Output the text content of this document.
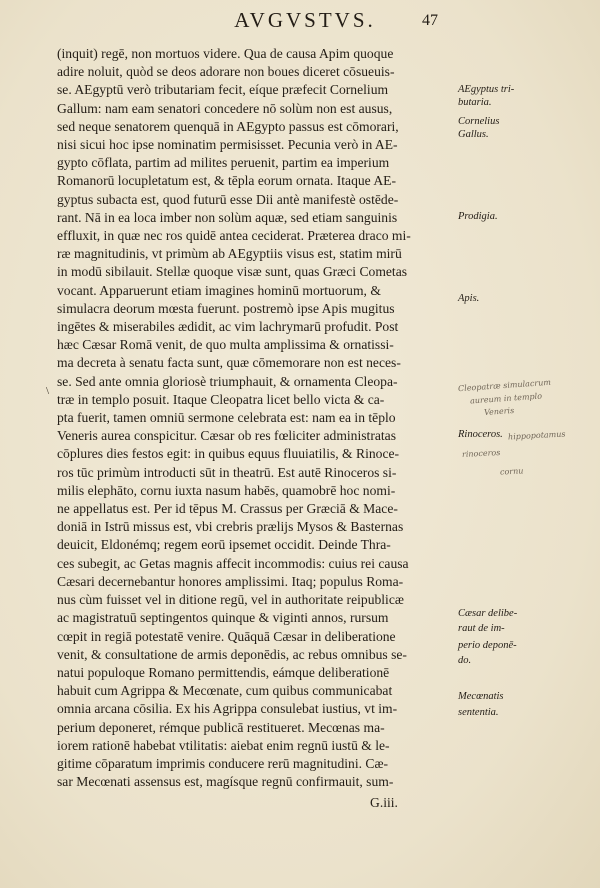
AVGVSTVS.	47
(inquit) regē, non mortuos videre. Qua de causa Apim quoque
adire noluit, quòd se deos adorare non boues diceret cōsueuis-
se. AEgyptū verò tributariam fecit, eíque præfecit Cornelium
Gallum: nam eam senatori concedere nō solùm non est ausus,
sed neque senatorem quenquā in AEgypto passus est cōmorari,
nisi sicui hoc ipse nominatim permisisset. Pecunia verò in AE-
gypto cōflata, partim ad milites peruenit, partim ea imperium
Romanorū locupletatum est, & tēpla eorum ornata. Itaque AE-
gyptus subacta est, quod futurū esse Dii antè manifestè ostēde-
rant. Nā in ea loca imber non solùm aquæ, sed etiam sanguinis
effluxit, in quæ nec ros quidē antea ceciderat. Præterea draco mi-
ræ magnitudinis, vt primùm ab AEgyptiis visus est, statim mirū
in modū sibilauit. Stellæ quoque visæ sunt, quas Græci Cometas
vocant. Apparuerunt etiam imagines hominū mortuorum, &
simulacra deorum mœsta fuerunt. postremò ipse Apis mugitus
ingētes & miserabiles ædidit, ac vim lachrymarū profudit. Post
hæc Cæsar Romā venit, de quo multa amplissima & ornatissi-
ma decreta à senatu facta sunt, quæ cōmemorare non est neces-
se. Sed ante omnia gloriosè triumphauit, & ornamenta Cleopa-
træ in templo posuit. Itaque Cleopatra licet bello victa & ca-
pta fuerit, tamen omniū sermone celebrata est: nam ea in tēplo
Veneris aurea conspicitur. Cæsar ob res fœliciter administratas
cōplures dies festos egit: in quibus equus fluuiatilis, & Rinoce-
ros tūc primùm introducti sūt in theatrū. Est autē Rinoceros si-
milis elephāto, cornu iuxta nasum habēs, quamobrē hoc nomi-
ne appellatus est. Per id tēpus M. Crassus per Græciā & Mace-
doniā in Istrū missus est, vbi crebris prælijs Mysos & Basternas
deuicit, Eldonémq; regem eorū ipsemet occidit. Deinde Thra-
ces subegit, ac Getas magnis affecit incommodis: cuius rei causa
Cæsari decernebantur honores amplissimi. Itaq; populus Roma-
nus cùm fuisset vel in ditione regū, vel in authoritate reipublicæ
ac magistratuū septingentos quinque & viginti annos, rursum
cœpit in regiā potestatē venire. Quāquā Cæsar in deliberatione
venit, & consultatione de armis deponēdis, ac rebus omnibus se-
natui populoque Romano permittendis, eámque deliberationē
habuit cum Agrippa & Mecœnate, cum quibus communicabat
omnia arcana cōsilia. Ex his Agrippa consulebat iustius, vt im-
perium deponeret, rémque publicā restitueret. Mecœnas ma-
iorem rationē habebat vtilitatis: aiebat enim regnū iustū & le-
gitime cōparatum imprimis conducere rerū magnitudini. Cæ-
sar Mecœnati assensus est, magísque regnū confirmauit, sum-
AEgyptus tri-
butaria.
Cornelius
Gallus.
Prodigia.
Apis.
Rinoceros.
Cæsar delibe-
raut de im-
perio deponē-
do.
Mecœnatis
sententia.
Cleopatræ simulacrum
aureum in templo
Veneris
hippopotamus
rinoceros
cornu
\
G.iii.
